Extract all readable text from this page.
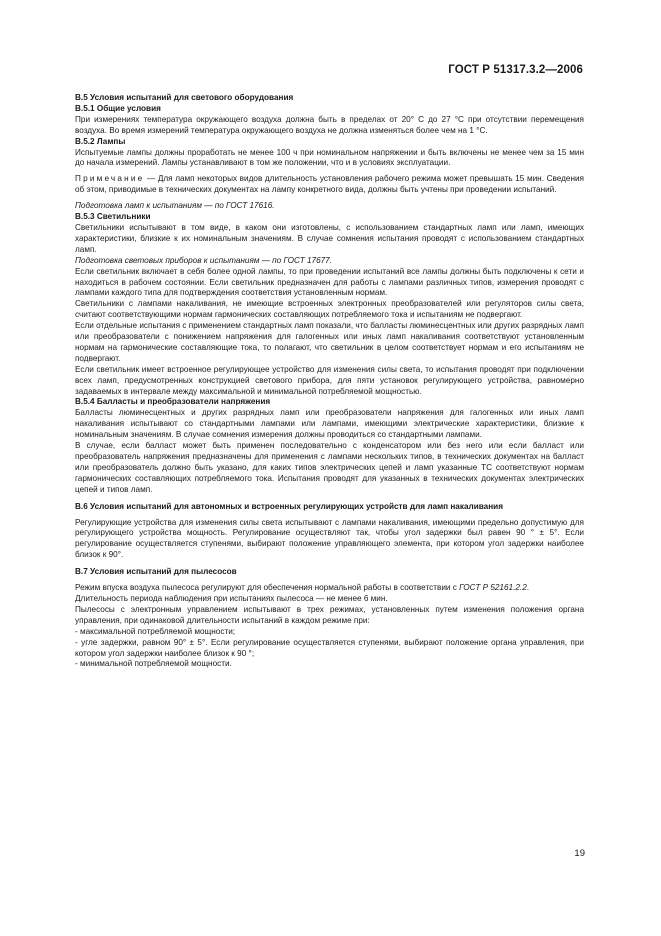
ГОСТ Р 51317.3.2—2006

B.5 Условия испытаний для светового оборудования

B.5.1 Общие условия

При измерениях температура окружающего воздуха должна быть в пределах от 20° С до 27 °С при отсутствии перемещения воздуха. Во время измерений температура окружающего воздуха не должна изменяться более чем на 1 °С.

B.5.2 Лампы

Испытуемые лампы должны проработать не менее 100 ч при номинальном напряжении и быть включены не менее чем за 15 мин до начала измерений. Лампы устанавливают в том же положении, что и в условиях эксплуатации.

Примечание — Для ламп некоторых видов длительность установления рабочего режима может превышать 15 мин. Сведения об этом, приводимые в технических документах на лампу конкретного вида, должны быть учтены при проведении испытаний.

Подготовка ламп к испытаниям — по ГОСТ 17616.

B.5.3 Светильники

Светильники испытывают в том виде, в каком они изготовлены, с использованием стандартных ламп или ламп, имеющих характеристики, близкие к их номинальным значениям. В случае сомнения испытания проводят с использованием стандартных ламп.

Подготовка световых приборов к испытаниям — по ГОСТ 17677.

Если светильник включает в себя более одной лампы, то при проведении испытаний все лампы должны быть подключены к сети и находиться в рабочем состоянии. Если светильник предназначен для работы с лампами различных типов, измерения проводят с лампами каждого типа для подтверждения соответствия установленным нормам.

Светильники с лампами накаливания, не имеющие встроенных электронных преобразователей или регуляторов силы света, считают соответствующими нормам гармонических составляющих потребляемого тока и испытаниям не подвергают.

Если отдельные испытания с применением стандартных ламп показали, что балласты люминесцентных или других разрядных ламп или преобразователи с понижением напряжения для галогенных или иных ламп накаливания соответствуют установленным нормам на гармонические составляющие тока, то полагают, что светильник в целом соответствует нормам и его испытаниям не подвергают.

Если светильник имеет встроенное регулирующее устройство для изменения силы света, то испытания проводят при подключении всех ламп, предусмотренных конструкцией светового прибора, для пяти установок регулирующего устройства, равномерно задаваемых в интервале между максимальной и минимальной потребляемой мощностью.

B.5.4 Балласты и преобразователи напряжения

Балласты люминесцентных и других разрядных ламп или преобразователи напряжения для галогенных или иных ламп накаливания испытывают со стандартными лампами или лампами, имеющими электрические характеристики, близкие к номинальным значениям. В случае сомнения измерения должны проводиться со стандартными лампами.

В случае, если балласт может быть применен последовательно с конденсатором или без него или если балласт или преобразователь напряжения предназначены для применения с лампами нескольких типов, в технических документах на балласт или преобразователь должно быть указано, для каких типов электрических цепей и ламп указанные ТС соответствуют нормам гармонических составляющих потребляемого тока. Испытания проводят для указанных в технических документах электрических цепей и типов ламп.

B.6 Условия испытаний для автономных и встроенных регулирующих устройств для ламп накаливания

Регулирующие устройства для изменения силы света испытывают с лампами накаливания, имеющими предельно допустимую для регулирующего устройства мощность. Регулирование осуществляют так, чтобы угол задержки был равен 90 ° ± 5°. Если регулирование осуществляется ступенями, выбирают положение управляющего элемента, при котором угол задержки наиболее близок к 90°.

B.7 Условия испытаний для пылесосов

Режим впуска воздуха пылесоса регулируют для обеспечения нормальной работы в соответствии с ГОСТ Р 52161.2.2.

Длительность периода наблюдения при испытаниях пылесоса — не менее 6 мин.

Пылесосы с электронным управлением испытывают в трех режимах, установленных путем изменения положения органа управления, при одинаковой длительности испытаний в каждом режиме при:

- максимальной потребляемой мощности;

- угле задержки, равном 90° ± 5°. Если регулирование осуществляется ступенями, выбирают положение органа управления, при котором угол задержки наиболее близок к 90 °;

- минимальной потребляемой мощности.

19
